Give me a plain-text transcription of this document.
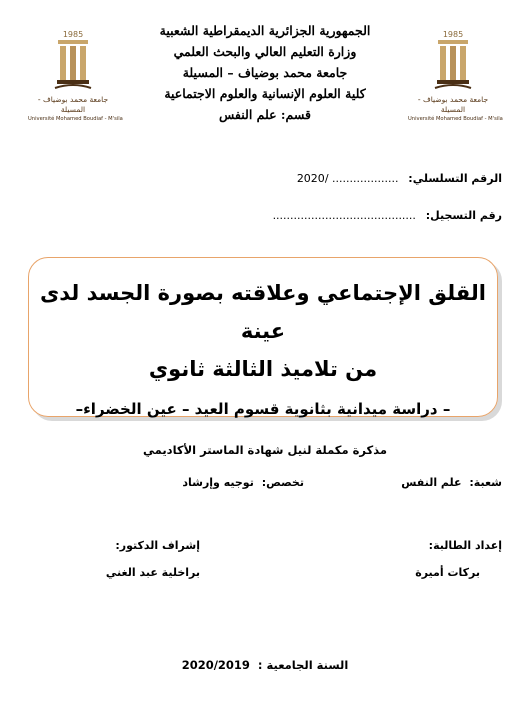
1985
جامعة محمد بوضياف - المسيلة
Université Mohamed Boudiaf - M'sila
1985
جامعة محمد بوضياف - المسيلة
Université Mohamed Boudiaf - M'sila
الجمهورية الجزائرية الديمقراطية الشعبية
وزارة التعليم العالي والبحث العلمي
جامعة محمد بوضياف – المسيلة
كلية العلوم الإنسانية والعلوم الاجتماعية
قسم: علم النفس
الرقم التسلسلي: ................... /2020
رقم التسجيل: .........................................
القلق الإجتماعي وعلاقته بصورة الجسد لدى عينة
من تلاميذ الثالثة ثانوي
– دراسة ميدانية بثانوية قسوم العيد – عين الخضراء–
مذكرة مكملة لنيل شهادة الماستر الأكاديمي
شعبة: علم النفس
تخصص: توجيه وإرشاد
إعداد الطالبة:
بركات أميرة
إشراف الدكتور:
براخلية عبد الغني
السنة الجامعية : 2020/2019
